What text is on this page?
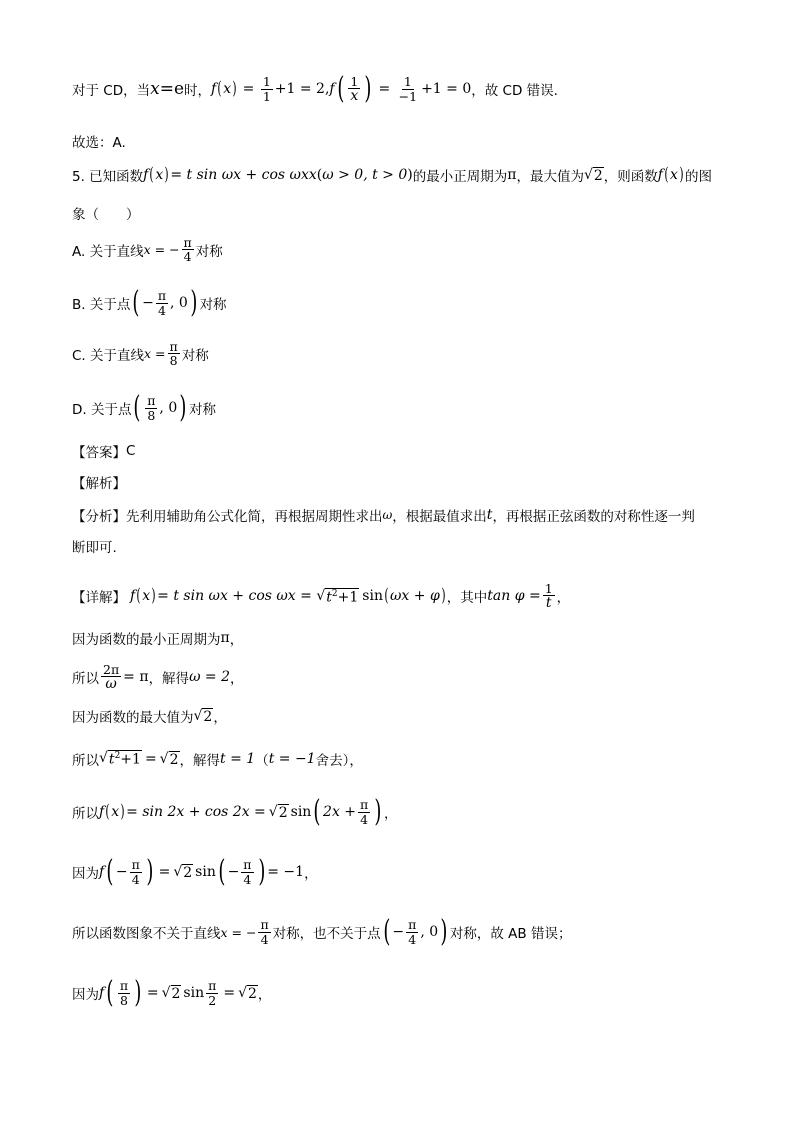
对于 CD，当 x = e 时， f ( x ) = $\frac{1}{1} +1 = 2$, f ( $\frac{1}{x}$ ) = $\frac{1}{-1} +1 = 0$ ，故 CD 错误.
故选：A.
5. 已知函数 f ( x ) = t sin ωx + cos ωx x ( ω > 0, t > 0 ) 的最小正周期为 π ，最大值为 √ 2 ，则函数 f ( x ) 的图
象（　　）
A. 关于直线 x = − $\frac{\pi}{4}$ 对称
B. 关于点 ( − $\frac{\pi}{4}$ , 0 ) 对称
C. 关于直线 $x = \frac{\pi}{8}$ 对称
D. 关于点 ( $\frac{\pi}{8}$ , 0 ) 对称
【答案】 C
【解析】
【分析】 先利用辅助角公式化简，再根据周期性求出 ω ，根据最值求出 t ，再根据正弦函数的对称性逐一判
断即可.
【详解】 f ( x ) = t sin ωx + cos ωx = √ $t^2+1$ sin ( ωx + φ ) ，其中 $\tan \varphi = \frac{1}{t}$ ，
因为函数的最小正周期为 π ，
所以 $\frac{2\pi}{\omega} = \pi$ ，解得 ω = 2 ，
因为函数的最大值为 √ 2 ，
所以 √ $t^2+1$ = √ 2 ，解得 t = 1 （ t = −1 舍去），
所以 f ( x ) = sin 2x + cos 2x = √ 2 sin ( $2x + \frac{\pi}{4}$ ) ，
因为 f ( − $\frac{\pi}{4}$ ) = √ 2 sin ( − $\frac{\pi}{4}$ ) = −1 ，
所以函数图象不关于直线 x = − $\frac{\pi}{4}$ 对称，也不关于点 ( − $\frac{\pi}{4}$ , 0 ) 对称，故 AB 错误；
因为 f ( $\frac{\pi}{8}$ ) = √ 2 $\sin \frac{\pi}{2}$ = √ 2 ，
